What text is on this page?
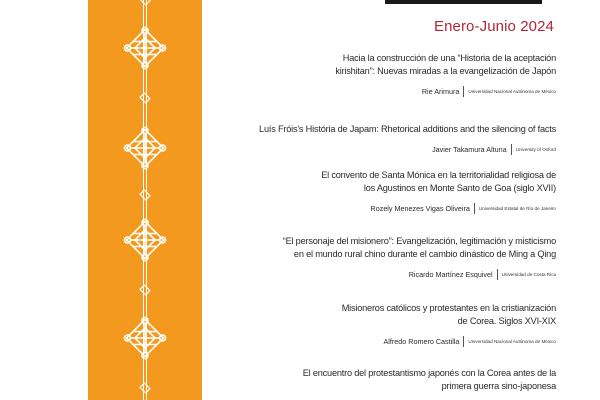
Enero-Junio 2024
Hacia la construcción de una “Historia de la aceptación
kirishitan”: Nuevas miradas a la evangelización de Japón
Rie Arimura Universidad Nacional Autónoma de México
Luís Fróis's História de Japam: Rhetorical additions and the silencing of facts
Javier Takamura Altuna University of Oxford
El convento de Santa Mónica en la territorialidad religiosa de
los Agustinos en Monte Santo de Goa (siglo XVII)
Rozely Menezes Vigas Oliveira Universidad Estatal de Río de Janeiro
“El personaje del misionero”: Evangelización, legitimación y misticismo
en el mundo rural chino durante el cambio dinástico de Ming a Qing
Ricardo Martínez Esquivel Universidad de Costa Rica
Misioneros católicos y protestantes en la cristianización
de Corea. Siglos XVI-XIX
Alfredo Romero Castilla Universidad Nacional Autónoma de México
El encuentro del protestantismo japonés con la Corea antes de la
primera guerra sino-japonesa
